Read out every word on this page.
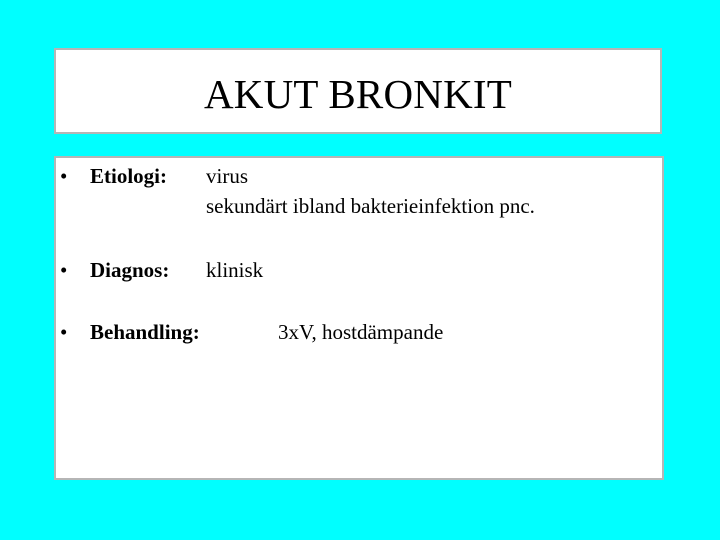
AKUT BRONKIT
• Etiologi: virus
sekundärt ibland bakterieinfektion pnc.
• Diagnos: klinisk
• Behandling:	3xV, hostdämpande
